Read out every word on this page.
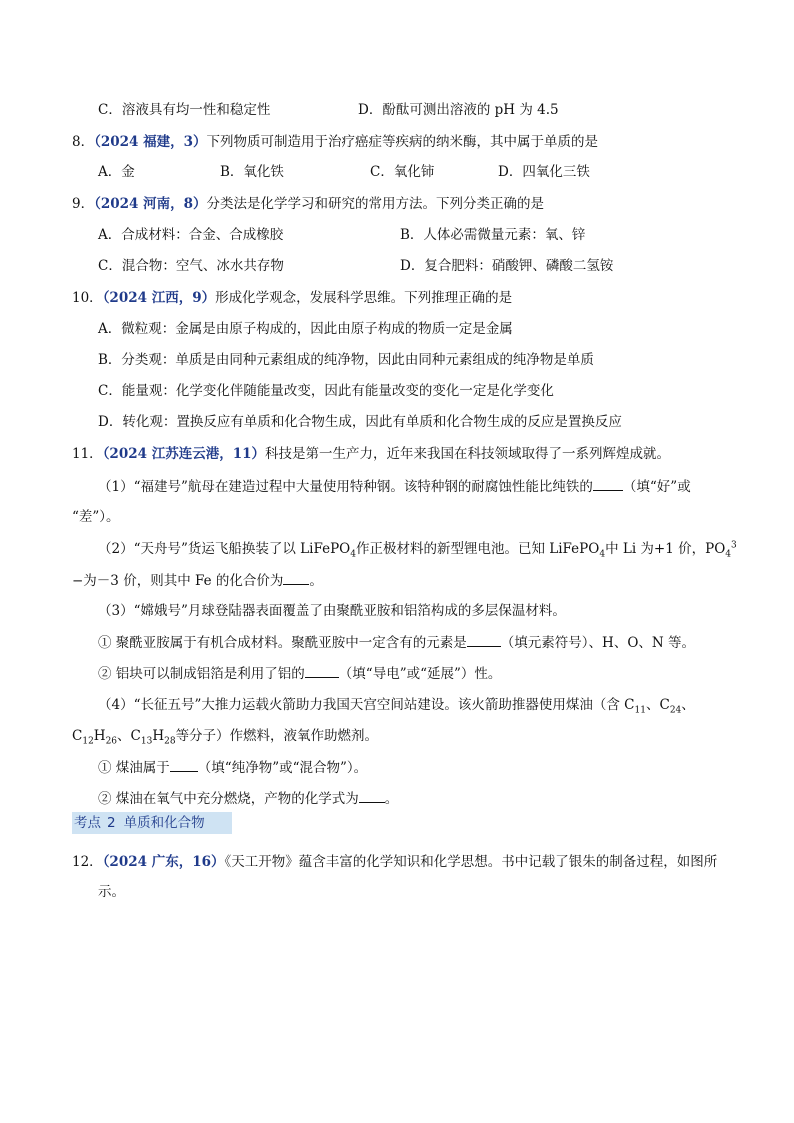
C．溶液具有均一性和稳定性	D．酚酞可测出溶液的 pH 为 4.5
8．（2024 福建，3）下列物质可制造用于治疗癌症等疾病的纳米酶，其中属于单质的是
A．金	B．氧化铁	C．氧化铈	D．四氧化三铁
9．（2024 河南，8）分类法是化学学习和研究的常用方法。下列分类正确的是
A．合成材料：合金、合成橡胶	B．人体必需微量元素：氧、锌
C．混合物：空气、冰水共存物	D．复合肥料：硝酸钾、磷酸二氢铵
10．（2024 江西，9）形成化学观念，发展科学思维。下列推理正确的是
A．微粒观：金属是由原子构成的，因此由原子构成的物质一定是金属
B．分类观：单质是由同种元素组成的纯净物，因此由同种元素组成的纯净物是单质
C．能量观：化学变化伴随能量改变，因此有能量改变的变化一定是化学变化
D．转化观：置换反应有单质和化合物生成，因此有单质和化合物生成的反应是置换反应
11．（2024 江苏连云港，11）科技是第一生产力，近年来我国在科技领域取得了一系列辉煌成就。
（1）“福建号”航母在建造过程中大量使用特种钢。该特种钢的耐腐蚀性能比纯铁的 （填“好”或
“差”）。
（2）“天舟号”货运飞船换装了以 LiFePO$_4$作正极材料的新型锂电池。已知 LiFePO$_4$中 Li 为+1 价，$PO_4^3$
−为－3 价，则其中 Fe 的化合价为 。
（3）“嫦娥号”月球登陆器表面覆盖了由聚酰亚胺和铝箔构成的多层保温材料。
① 聚酰亚胺属于有机合成材料。聚酰亚胺中一定含有的元素是	（填元素符号）、H、O、N 等。
② 铝块可以制成铝箔是利用了铝的	（填“导电”或“延展”）性。
（4）“长征五号”大推力运载火箭助力我国天宫空间站建设。该火箭助推器使用煤油（含 $C_{11}$、$C_{24}$、
$C_{12}H_{26}$、$C_{13}H_{28}$等分子）作燃料，液氧作助燃剂。
① 煤油属于 （填“纯净物”或“混合物”）。
② 煤油在氧气中充分燃烧，产物的化学式为 。
考点 2 单质和化合物
12．（2024 广东，16）《天工开物》蕴含丰富的化学知识和化学思想。书中记载了银朱的制备过程，如图所
示。
